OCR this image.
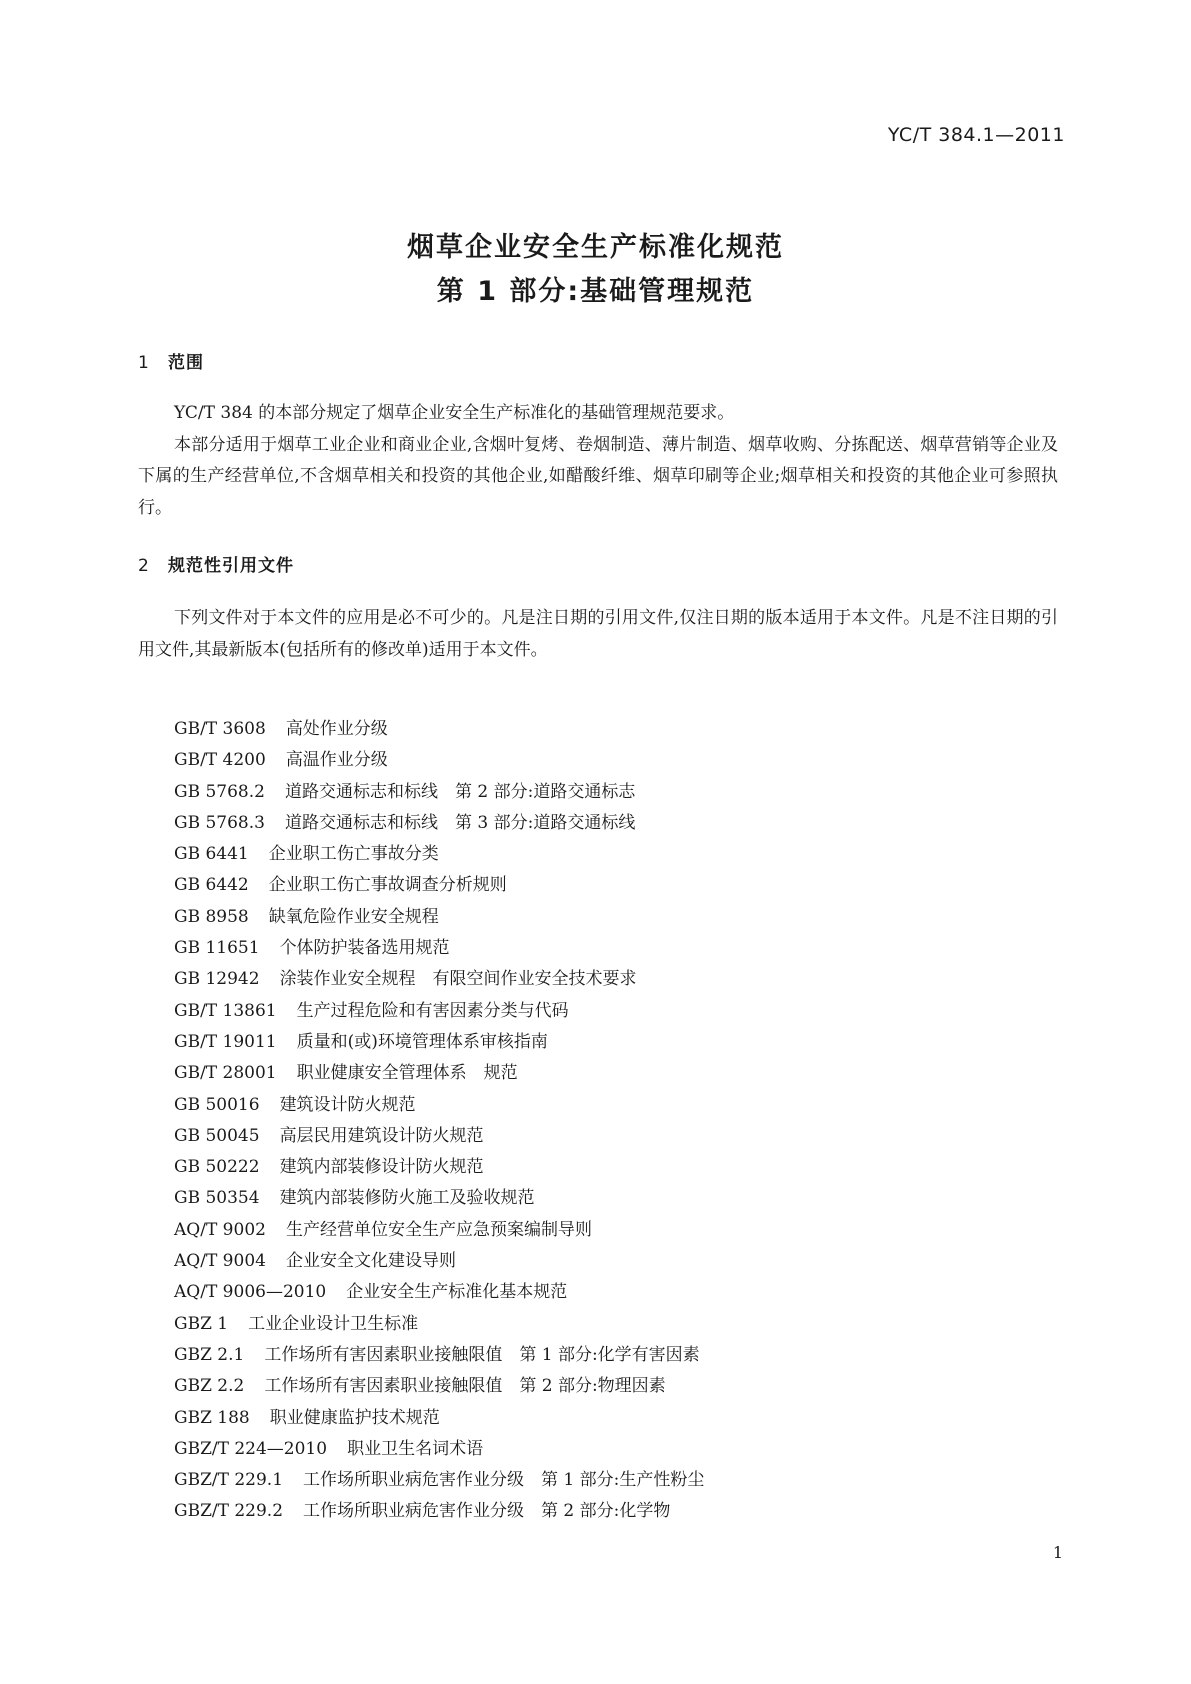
YC/T 384.1—2011
烟草企业安全生产标准化规范
第 1 部分:基础管理规范
1 范围

YC/T 384 的本部分规定了烟草企业安全生产标准化的基础管理规范要求。

本部分适用于烟草工业企业和商业企业,含烟叶复烤、卷烟制造、薄片制造、烟草收购、分拣配送、烟草营销等企业及下属的生产经营单位,不含烟草相关和投资的其他企业,如醋酸纤维、烟草印刷等企业;烟草相关和投资的其他企业可参照执行。

2 规范性引用文件

下列文件对于本文件的应用是必不可少的。凡是注日期的引用文件,仅注日期的版本适用于本文件。凡是不注日期的引用文件,其最新版本(包括所有的修改单)适用于本文件。

GB/T 3608 高处作业分级
GB/T 4200 高温作业分级
GB 5768.2 道路交通标志和标线　第 2 部分:道路交通标志
GB 5768.3 道路交通标志和标线　第 3 部分:道路交通标线
GB 6441 企业职工伤亡事故分类
GB 6442 企业职工伤亡事故调查分析规则
GB 8958 缺氧危险作业安全规程
GB 11651 个体防护装备选用规范
GB 12942 涂装作业安全规程　有限空间作业安全技术要求
GB/T 13861 生产过程危险和有害因素分类与代码
GB/T 19011 质量和(或)环境管理体系审核指南
GB/T 28001 职业健康安全管理体系　规范
GB 50016 建筑设计防火规范
GB 50045 高层民用建筑设计防火规范
GB 50222 建筑内部装修设计防火规范
GB 50354 建筑内部装修防火施工及验收规范
AQ/T 9002 生产经营单位安全生产应急预案编制导则
AQ/T 9004 企业安全文化建设导则
AQ/T 9006—2010 企业安全生产标准化基本规范
GBZ 1 工业企业设计卫生标准
GBZ 2.1 工作场所有害因素职业接触限值　第 1 部分:化学有害因素
GBZ 2.2 工作场所有害因素职业接触限值　第 2 部分:物理因素
GBZ 188 职业健康监护技术规范
GBZ/T 224—2010 职业卫生名词术语
GBZ/T 229.1 工作场所职业病危害作业分级　第 1 部分:生产性粉尘
GBZ/T 229.2 工作场所职业病危害作业分级　第 2 部分:化学物
1
